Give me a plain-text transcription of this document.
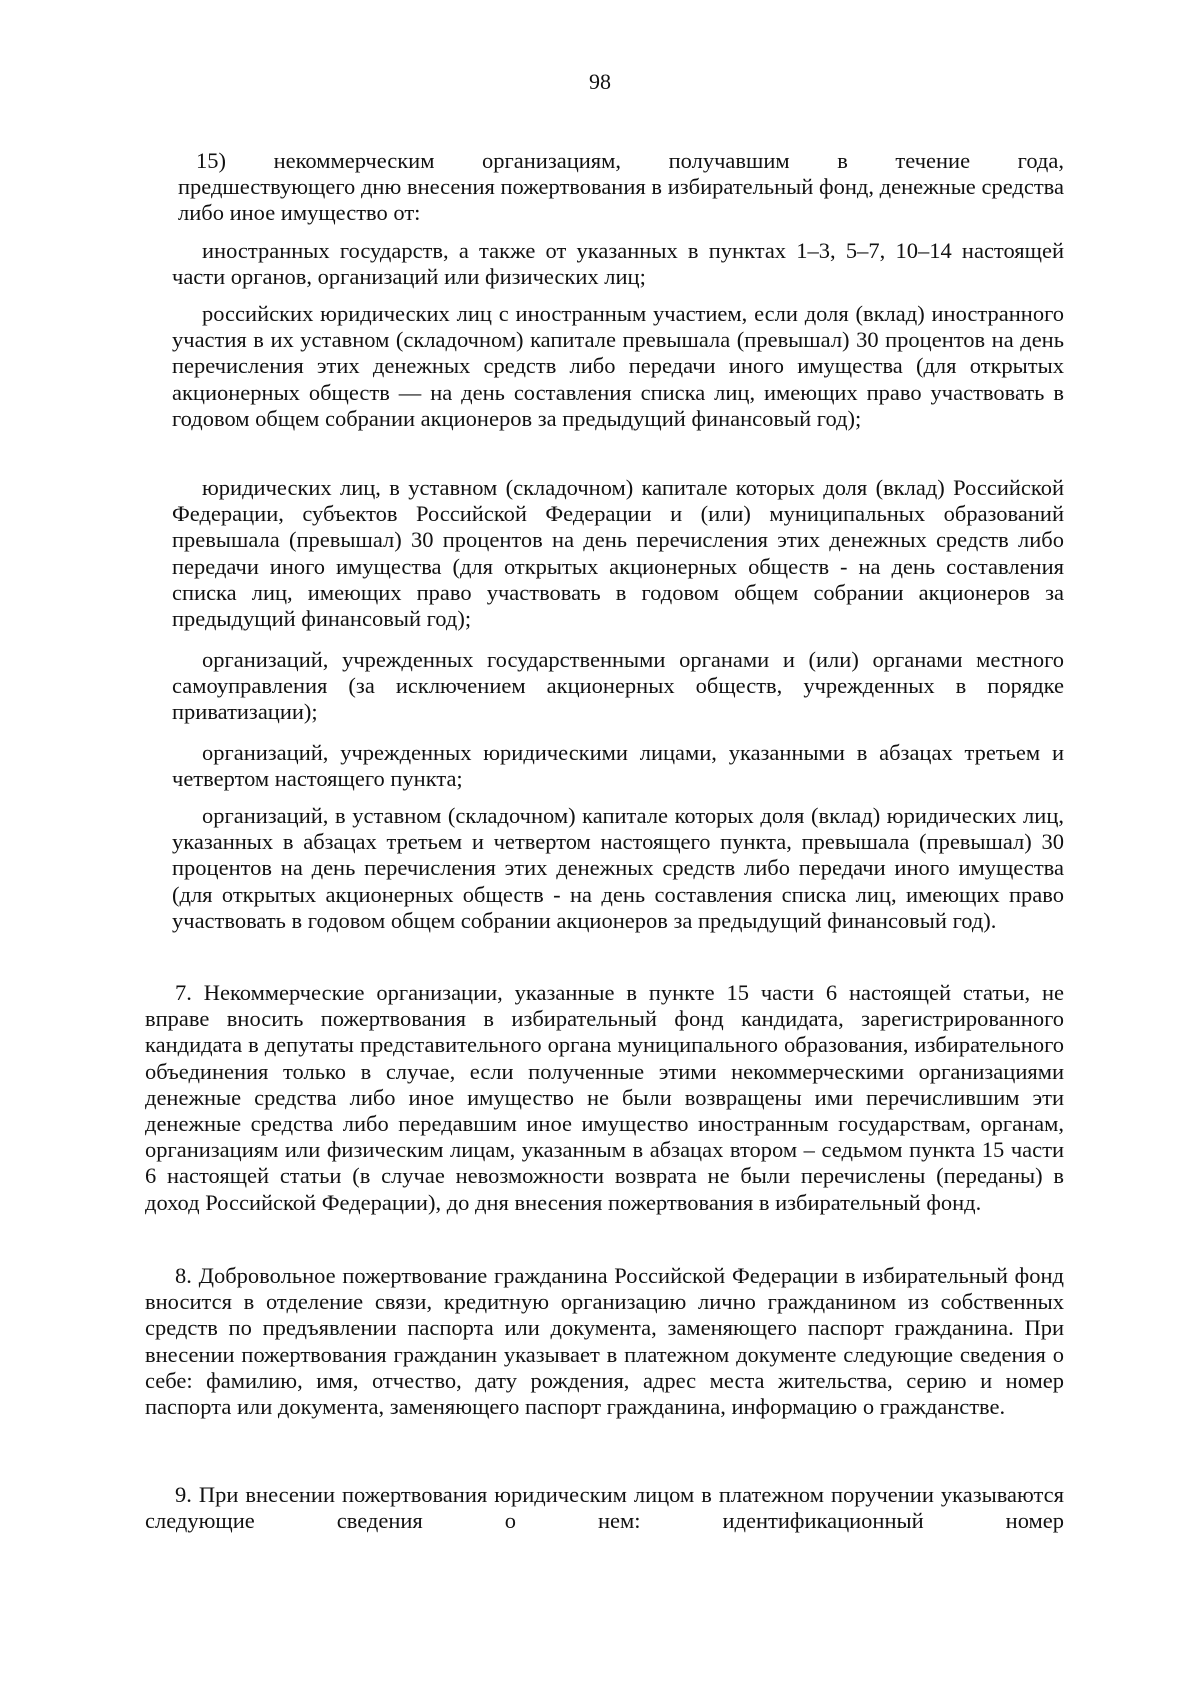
98
15) некоммерческим организациям, получавшим в течение года,
предшествующего дню внесения пожертвования в избирательный фонд, денежные средства либо иное имущество от:
иностранных государств, а также от указанных в пунктах 1–3, 5–7, 10–14 настоящей части органов, организаций или физических лиц;
российских юридических лиц с иностранным участием, если доля (вклад) иностранного участия в их уставном (складочном) капитале превышала (превышал) 30 процентов на день перечисления этих денежных средств либо передачи иного имущества (для открытых акционерных обществ — на день составления списка лиц, имеющих право участвовать в годовом общем собрании акционеров за предыдущий финансовый год);
юридических лиц, в уставном (складочном) капитале которых доля (вклад) Российской Федерации, субъектов Российской Федерации и (или) муниципальных образований превышала (превышал) 30 процентов на день перечисления этих денежных средств либо передачи иного имущества (для открытых акционерных обществ - на день составления списка лиц, имеющих право участвовать в годовом общем собрании акционеров за предыдущий финансовый год);
организаций, учрежденных государственными органами и (или) органами местного самоуправления (за исключением акционерных обществ, учрежденных в порядке приватизации);
организаций, учрежденных юридическими лицами, указанными в абзацах третьем и четвертом настоящего пункта;
организаций, в уставном (складочном) капитале которых доля (вклад) юридических лиц, указанных в абзацах третьем и четвертом настоящего пункта, превышала (превышал) 30 процентов на день перечисления этих денежных средств либо передачи иного имущества (для открытых акционерных обществ - на день составления списка лиц, имеющих право участвовать в годовом общем собрании акционеров за предыдущий финансовый год).
7. Некоммерческие организации, указанные в пункте 15 части 6 настоящей статьи, не вправе вносить пожертвования в избирательный фонд кандидата, зарегистрированного кандидата в депутаты представительного органа муниципального образования, избирательного объединения только в случае, если полученные этими некоммерческими организациями денежные средства либо иное имущество не были возвращены ими перечислившим эти денежные средства либо передавшим иное имущество иностранным государствам, органам, организациям или физическим лицам, указанным в абзацах втором – седьмом пункта 15 части 6 настоящей статьи (в случае невозможности возврата не были перечислены (переданы) в доход Российской Федерации), до дня внесения пожертвования в избирательный фонд.
8. Добровольное пожертвование гражданина Российской Федерации в избирательный фонд вносится в отделение связи, кредитную организацию лично гражданином из собственных средств по предъявлении паспорта или документа, заменяющего паспорт гражданина. При внесении пожертвования гражданин указывает в платежном документе следующие сведения о себе: фамилию, имя, отчество, дату рождения, адрес места жительства, серию и номер паспорта или документа, заменяющего паспорт гражданина, информацию о гражданстве.
9. При внесении пожертвования юридическим лицом в платежном поручении указываются следующие сведения о нем: идентификационный номер
